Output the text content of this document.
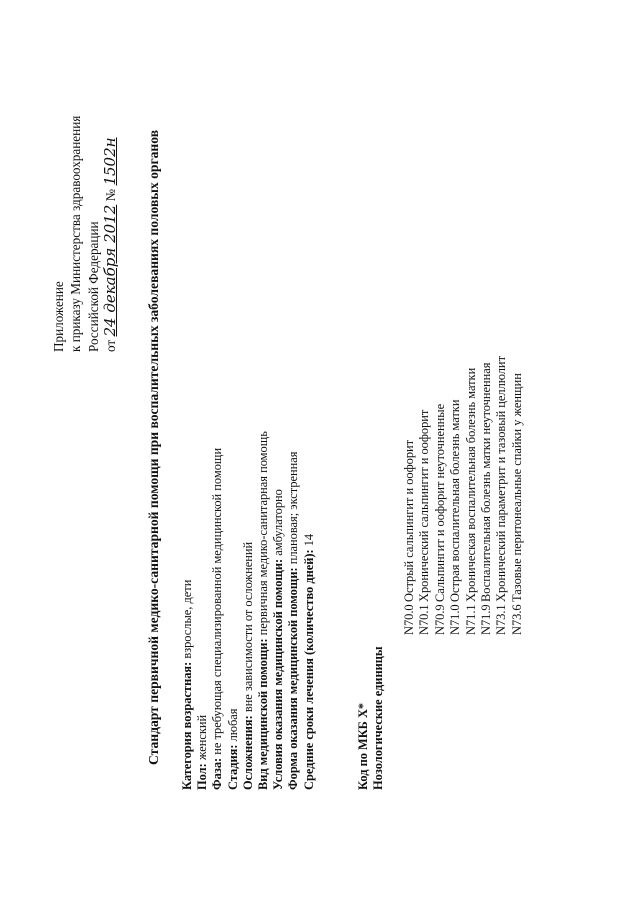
Приложение к приказу Министерства здравоохранения Российской Федерации от 24 декабря 2012 № 1502н Стандарт первичной медико-санитарной помощи при воспалительных заболеваниях половых органов Категория возрастная: взрослые, дети
Пол: женский
Фаза: не требующая специализированной медицинской помощи
Стадия: любая Осложнения: вне зависимости от осложнений Вид медицинской помощи: первичная медико-санитарная помощь
Условия оказания медицинской помощи: амбулаторно
Форма оказания медицинской помощи: плановая; экстренная
Средние сроки лечения (количество дней): 14
Код по МКБ X* Нозологические единицы
N70.0Острый сальпингит и оофорит
N70.1Хронический сальпингит и оофорит
N70.9Сальпингит и оофорит неуточненные
N71.0Острая воспалительная болезнь матки
N71.1Хроническая воспалительная болезнь матки
N71.9Воспалительная болезнь матки неуточненная
N73.1Хронический параметрит и тазовый целлюлит
N73.6Тазовые перитонеальные спайки у женщин
